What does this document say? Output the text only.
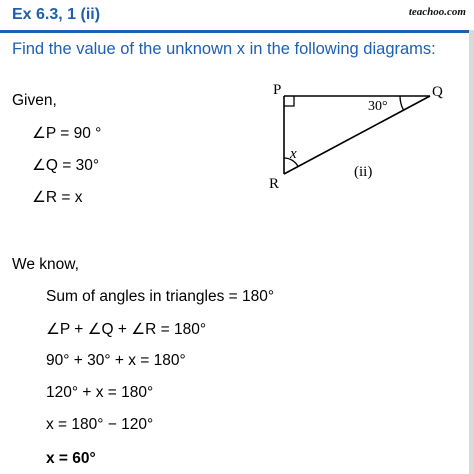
Ex 6.3, 1 (ii)	teachoo.com
Find the value of the unknown x in the following diagrams:
Given,
∠P = 90 °
∠Q = 30°
∠R = x
We know,
Sum of angles in triangles = 180°
∠P + ∠Q + ∠R = 180°
90° + 30° + x = 180°
120° + x = 180°
x = 180° − 120°
x = 60°
P	Q
R
30°
x
(ii)
